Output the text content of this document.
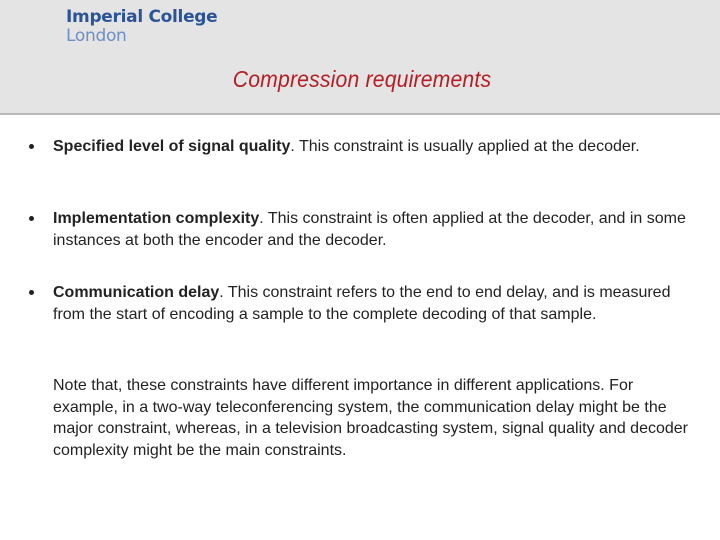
Imperial College
London
Compression requirements
Specified level of signal quality. This constraint is usually applied at the decoder.
Implementation complexity. This constraint is often applied at the decoder, and in some instances at both the encoder and the decoder.
Communication delay. This constraint refers to the end to end delay, and is measured from the start of encoding a sample to the complete decoding of that sample.
Note that, these constraints have different importance in different applications. For example, in a two-way teleconferencing system, the communication delay might be the major constraint, whereas, in a television broadcasting system, signal quality and decoder complexity might be the main constraints.
